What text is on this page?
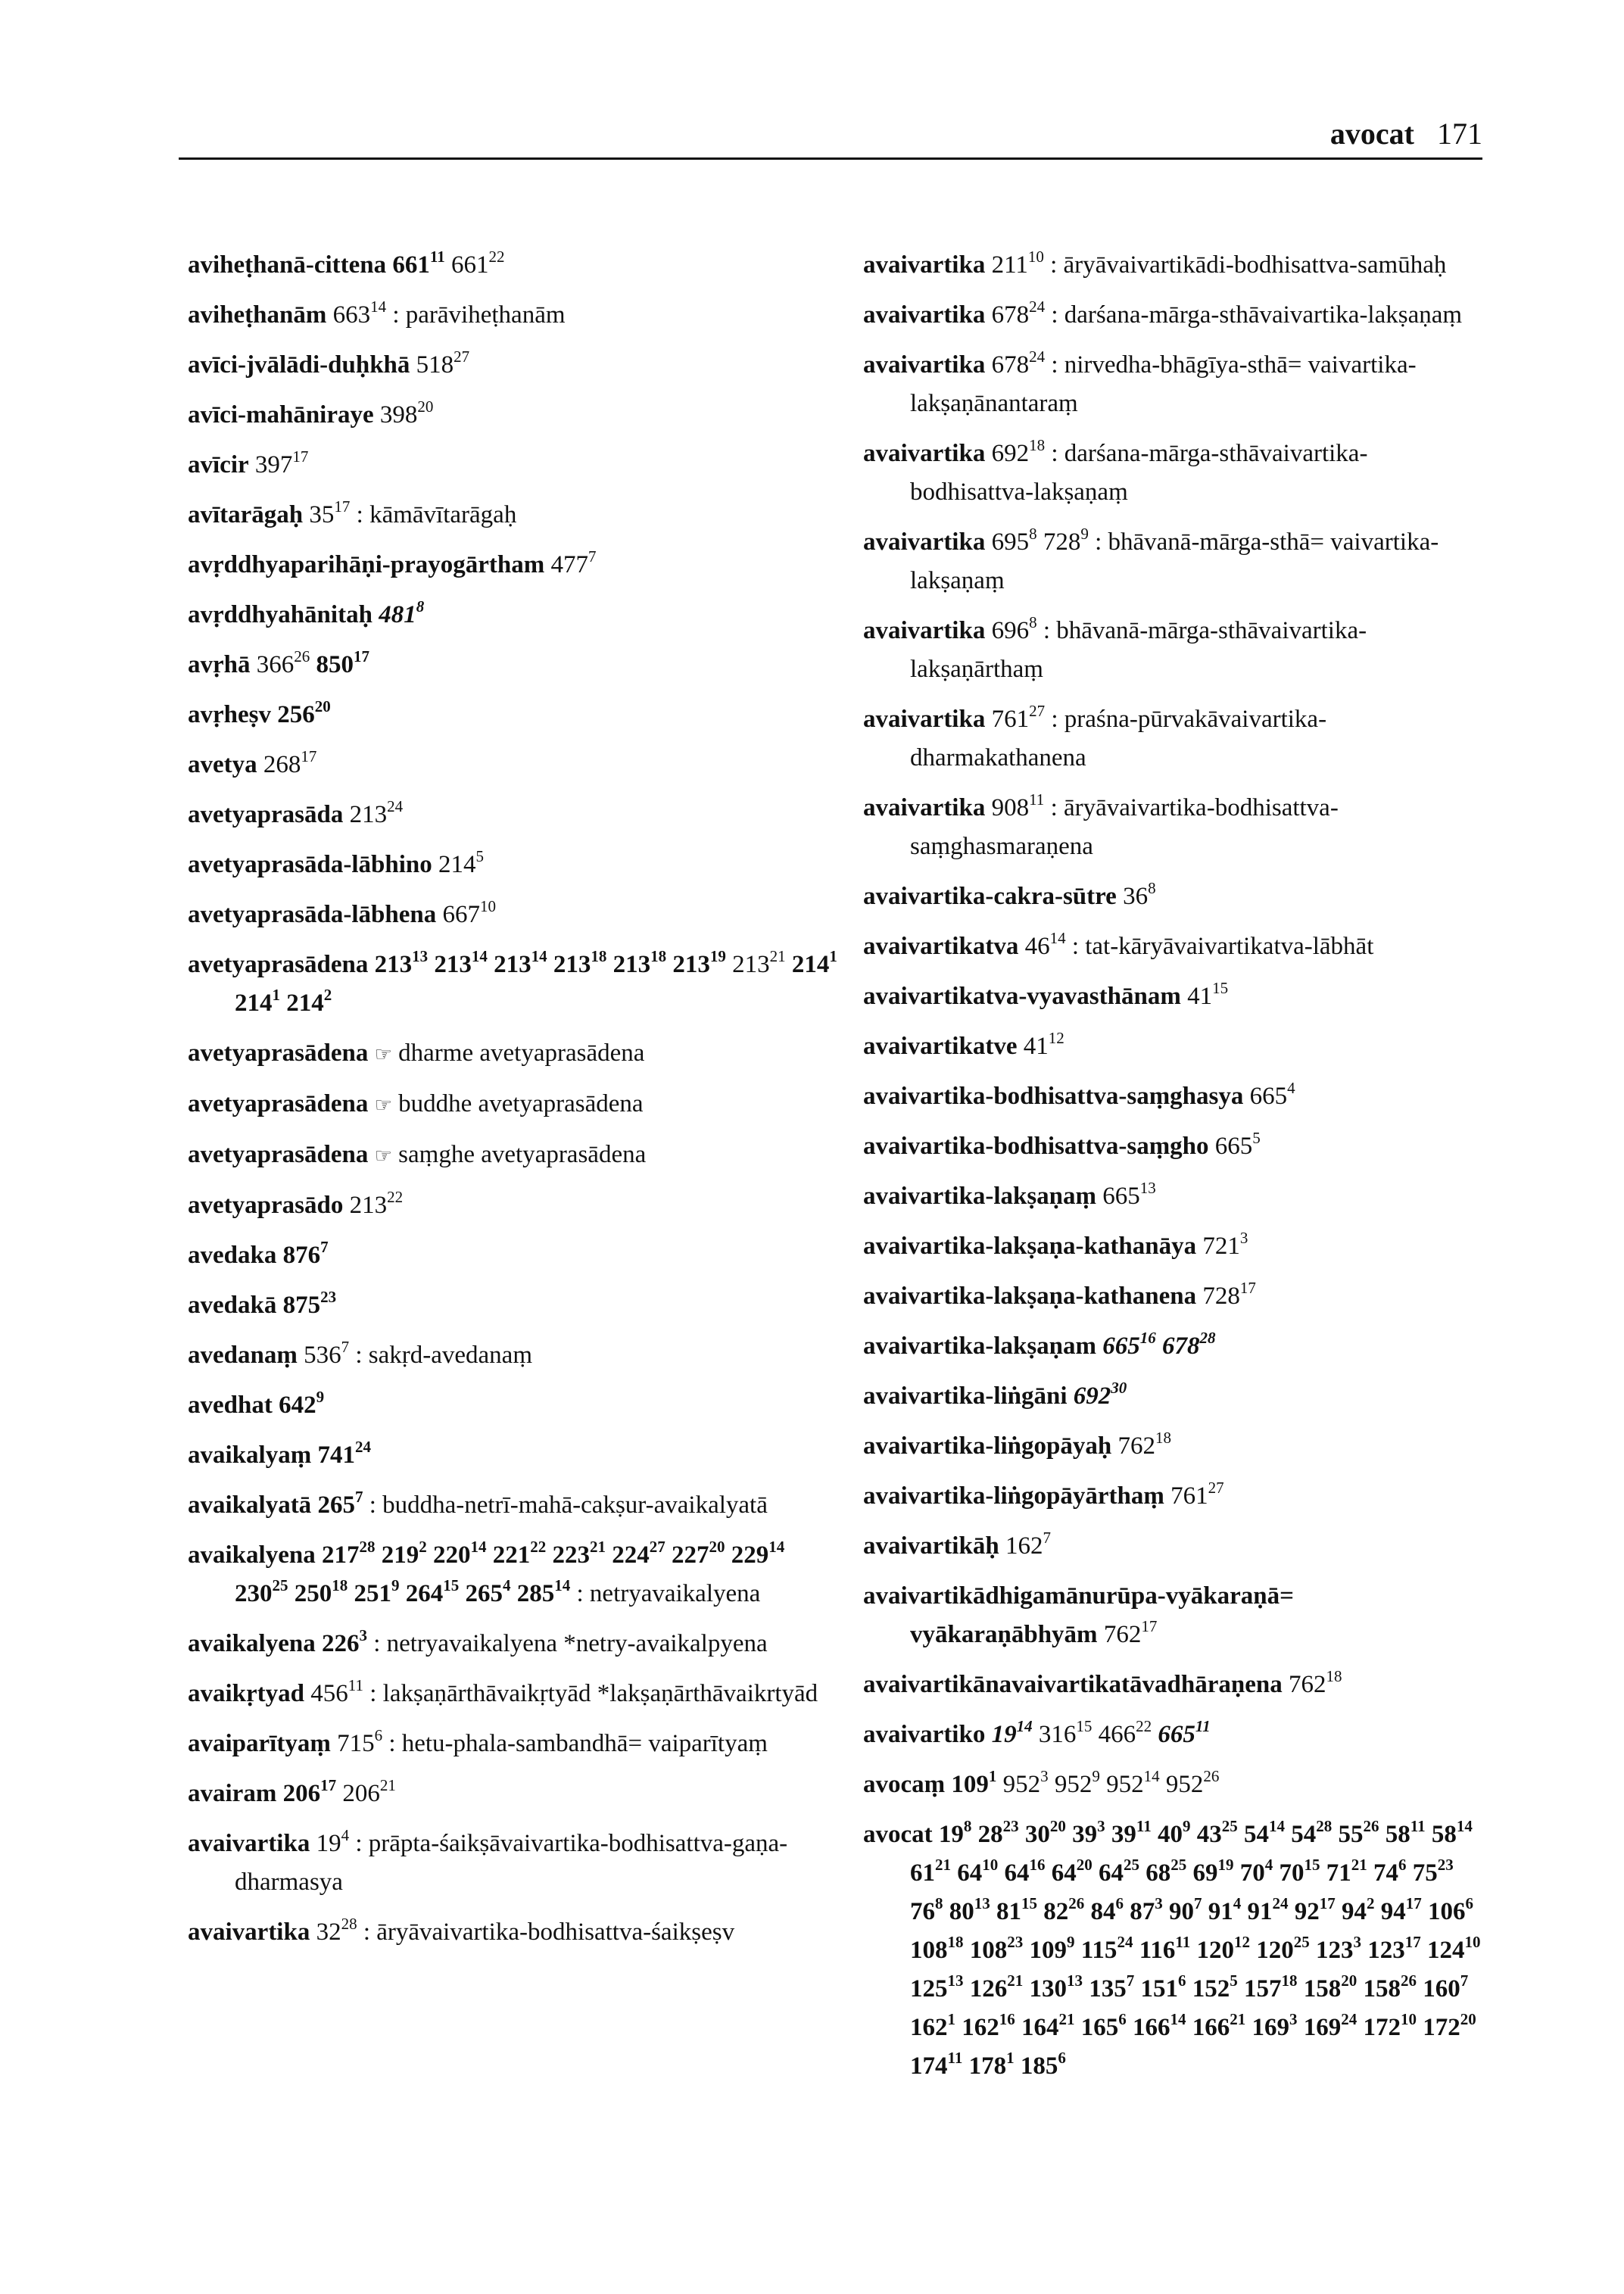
avocat 171
aviheṭhanā-cittena $661^{11}$ $661^{22}$
aviheṭhanām $663^{14}$ : parāviheṭhanām
avīci-jvālādi-duḥkhā $518^{27}$
avīci-mahāniraye $398^{20}$
avīcir $397^{17}$
avītarāgaḥ $35^{17}$ : kāmāvītarāgaḥ
avṛddhyaparihāṇi-prayogārtham $477^7$
avṛddhyahānitaḥ $481^8$
avṛhā $366^{26}$ $850^{17}$
avṛheṣv $256^{20}$
avetya $268^{17}$
avetyaprasāda $213^{24}$
avetyaprasāda-lābhino $214^5$
avetyaprasāda-lābhena $667^{10}$
avetyaprasādena $213^{13}$ $213^{14}$ $213^{14}$ $213^{18}$ $213^{18}$ $213^{19}$ $213^{21}$ $214^1$ $214^1$ $214^2$
avetyaprasādena ☞ dharme avetyaprasādena
avetyaprasādena ☞ buddhe avetyaprasādena
avetyaprasādena ☞ saṃghe avetyaprasādena
avetyaprasādo $213^{22}$
avedaka $876^7$
avedakā $875^{23}$
avedanaṃ $536^7$ : sakṛd-avedanaṃ
avedhat $642^9$
avaikalyaṃ $741^{24}$
avaikalyatā $265^7$ : buddha-netrī-mahā-cakṣur-avaikalyatā
avaikalyena $217^{28}$ $219^2$ $220^{14}$ $221^{22}$ $223^{21}$ $224^{27}$ $227^{20}$ $229^{14}$ $230^{25}$ $250^{18}$ $251^9$ $264^{15}$ $265^4$ $285^{14}$ : netryavaikalyena
avaikalyena $226^3$ : netryavaikalyena *netry-avaikalpyena
avaikṛtyad $456^{11}$ : lakṣaṇārthāvaikṛtyād *lakṣaṇārthāvaikrtyād
avaiparītyaṃ $715^6$ : hetu-phala-sambandhā= vaiparītyaṃ
avairam $206^{17}$ $206^{21}$
avaivartika $19^4$ : prāpta-śaikṣāvaivartika-bodhisattva-gaṇa-dharmasya
avaivartika $32^{28}$ : āryāvaivartika-bodhisattva-śaikṣeṣv
avaivartika $211^{10}$ : āryāvaivartikādi-bodhisattva-samūhaḥ
avaivartika $678^{24}$ : darśana-mārga-sthāvaivartika-lakṣaṇaṃ
avaivartika $678^{24}$ : nirvedha-bhāgīya-sthā= vaivartika-lakṣaṇānantaraṃ
avaivartika $692^{18}$ : darśana-mārga-sthāvaivartika-bodhisattva-lakṣaṇaṃ
avaivartika $695^8$ $728^9$ : bhāvanā-mārga-sthā= vaivartika-lakṣaṇaṃ
avaivartika $696^8$ : bhāvanā-mārga-sthāvaivartika-lakṣaṇārthaṃ
avaivartika $761^{27}$ : praśna-pūrvakāvaivartika-dharmakathanena
avaivartika $908^{11}$ : āryāvaivartika-bodhisattva-saṃghasmaraṇena
avaivartika-cakra-sūtre $36^8$
avaivartikatva $46^{14}$ : tat-kāryāvaivartikatva-lābhāt
avaivartikatva-vyavasthānam $41^{15}$
avaivartikatve $41^{12}$
avaivartika-bodhisattva-saṃghasya $665^4$
avaivartika-bodhisattva-saṃgho $665^5$
avaivartika-lakṣaṇaṃ $665^{13}$
avaivartika-lakṣaṇa-kathanāya $721^3$
avaivartika-lakṣaṇa-kathanena $728^{17}$
avaivartika-lakṣaṇam $665^{16}$ $678^{28}$
avaivartika-liṅgāni $692^{30}$
avaivartika-liṅgopāyaḥ $762^{18}$
avaivartika-liṅgopāyārthaṃ $761^{27}$
avaivartikāḥ $162^7$
avaivartikādhigamānurūpa-vyākaraṇā= vyākaraṇābhyām $762^{17}$
avaivartikānavaivartikatāvadhāraṇena $762^{18}$
avaivartiko $19^{14}$ $316^{15}$ $466^{22}$ $665^{11}$
avocaṃ $109^1$ $952^3$ $952^9$ $952^{14}$ $952^{26}$
avocat $19^8$ $28^{23}$ $30^{20}$ $39^3$ $39^{11}$ $40^9$ $43^{25}$ $54^{14}$ $54^{28}$ $55^{26}$ $58^{11}$ $58^{14}$ $61^{21}$ $64^{10}$ $64^{16}$ $64^{20}$ $64^{25}$ $68^{25}$ $69^{19}$ $70^4$ $70^{15}$ $71^{21}$ $74^6$ $75^{23}$ $76^8$ $80^{13}$ $81^{15}$ $82^{26}$ $84^6$ $87^3$ $90^7$ $91^4$ $91^{24}$ $92^{17}$ $94^2$ $94^{17}$ $106^6$ $108^{18}$ $108^{23}$ $109^9$ $115^{24}$ $116^{11}$ $120^{12}$ $120^{25}$ $123^3$ $123^{17}$ $124^{10}$ $125^{13}$ $126^{21}$ $130^{13}$ $135^7$ $151^6$ $152^5$ $157^{18}$ $158^{20}$ $158^{26}$ $160^7$ $162^1$ $162^{16}$ $164^{21}$ $165^6$ $166^{14}$ $166^{21}$ $169^3$ $169^{24}$ $172^{10}$ $172^{20}$ $174^{11}$ $178^1$ $185^6$
